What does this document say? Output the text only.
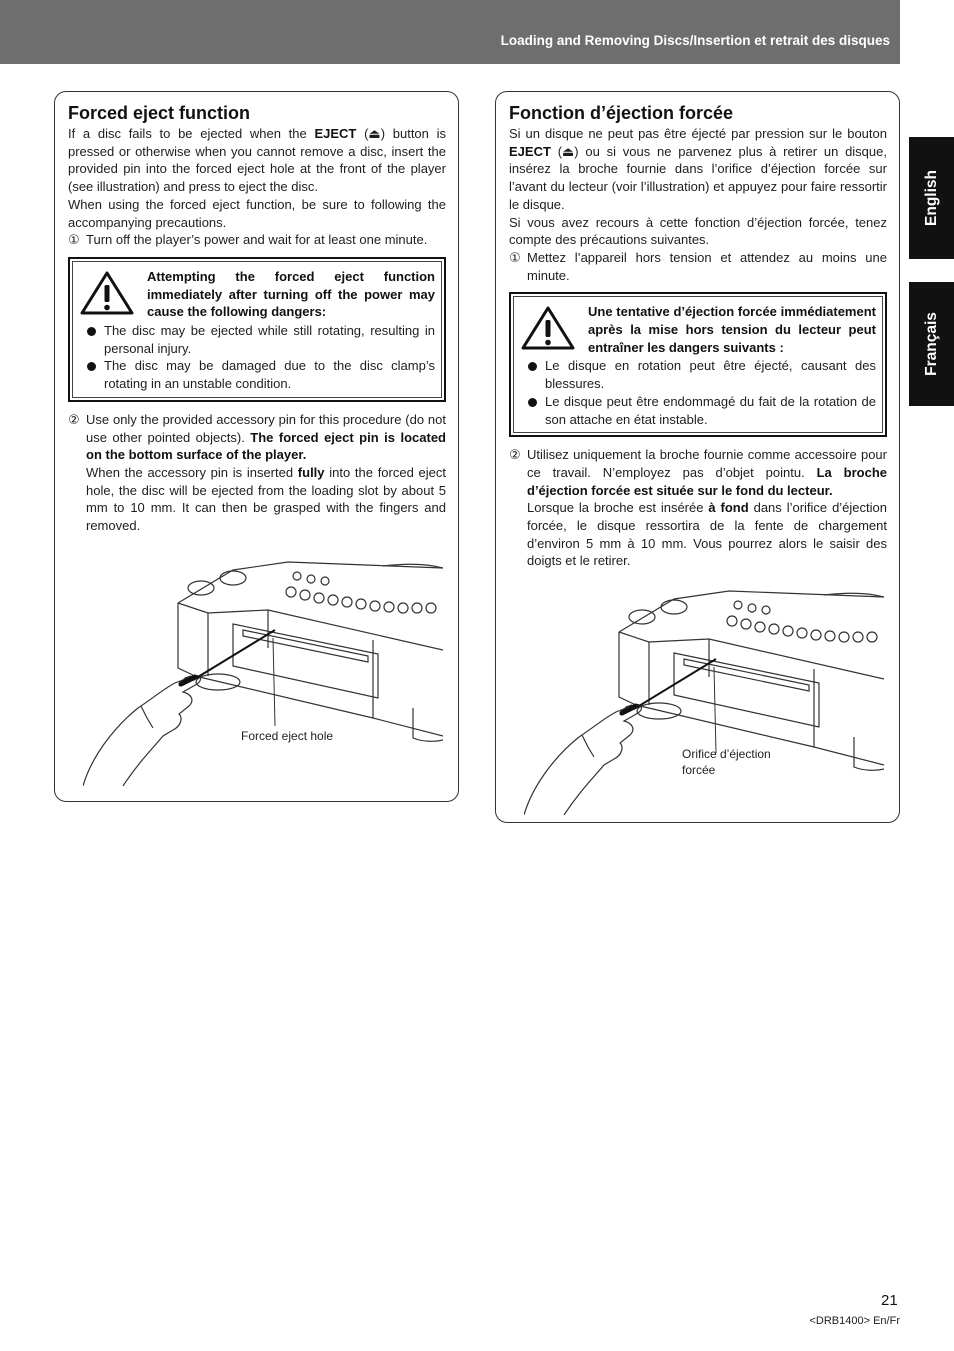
Loading and Removing Discs/Insertion et retrait des disques
English
Français
Forced eject function

If a disc fails to be ejected when the EJECT (⏏) button is pressed or otherwise when you cannot remove a disc, insert the provided pin into the forced eject hole at the front of the player (see illustration) and press to eject the disc.

When using the forced eject function, be sure to following the accompanying precautions.

① Turn off the player’s power and wait for at least one minute.
Attempting the forced eject function immediately after turning off the power may cause the following dangers:
The disc may be ejected while still rotating, resulting in personal injury.
The disc may be damaged due to the disc clamp’s rotating in an unstable condition.
② Use only the provided accessory pin for this procedure (do not use other pointed objects). The forced eject pin is located on the bottom surface of the player.
When the accessory pin is inserted fully into the forced eject hole, the disc will be ejected from the loading slot by about 5 mm to 10 mm. It can then be grasped with the fingers and removed.
Forced eject hole
Fonction d’éjection forcée

Si un disque ne peut pas être éjecté par pression sur le bouton EJECT (⏏) ou si vous ne parvenez plus à retirer un disque, insérez la broche fournie dans l’orifice d’éjection forcée sur l’avant du lecteur (voir l’illustration) et appuyez pour faire ressortir le disque.

Si vous avez recours à cette fonction d’éjection forcée, tenez compte des précautions suivantes.

① Mettez l’appareil hors tension et attendez au moins une minute.
Une tentative d’éjection forcée immédiatement après la mise hors tension du lecteur peut entraîner les dangers suivants :
Le disque en rotation peut être éjecté, causant des blessures.
Le disque peut être endommagé du fait de la rotation de son attache en état instable.
② Utilisez uniquement la broche fournie comme accessoire pour ce travail. N’employez pas d’objet pointu. La broche d’éjection forcée est située sur le fond du lecteur.
Lorsque la broche est insérée à fond dans l’orifice d’éjection forcée, le disque ressortira de la fente de chargement d’environ 5 mm à 10 mm. Vous pourrez alors le saisir des doigts et le retirer.
Orifice d’éjection forcée
21
<DRB1400> En/Fr
